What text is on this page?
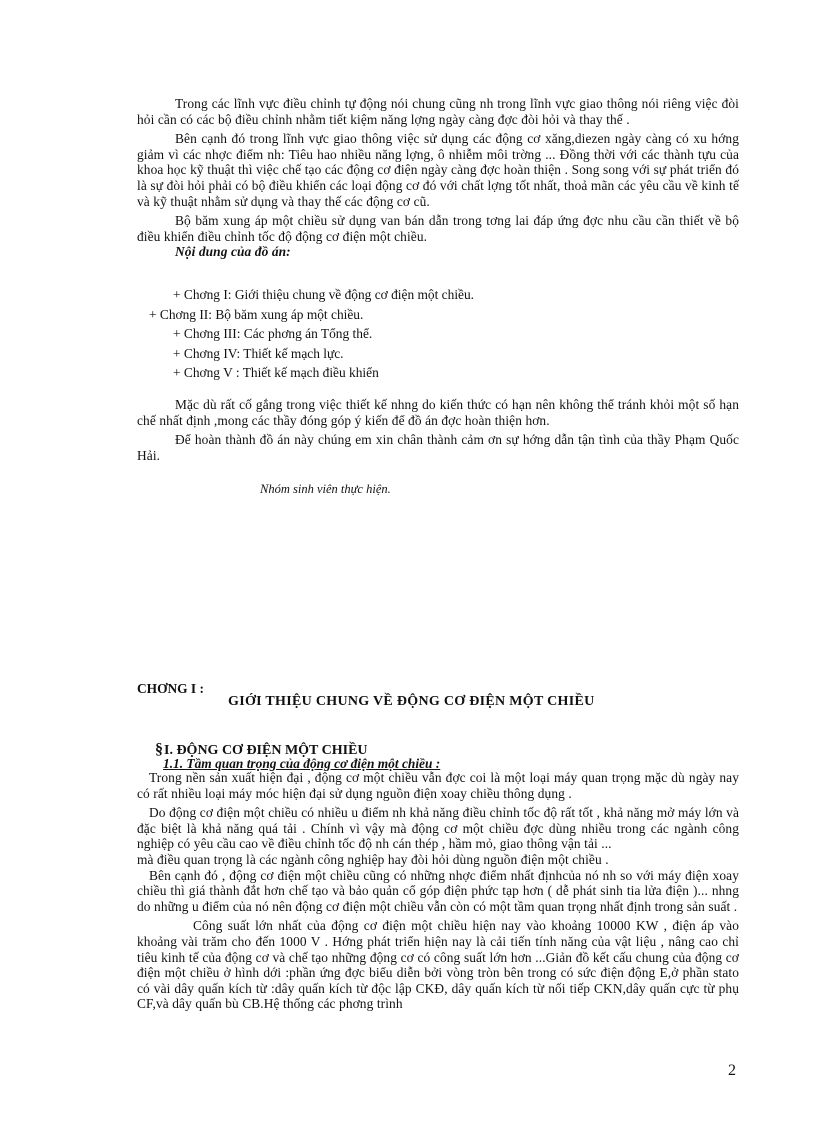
Trong các lĩnh vực điều chỉnh tự động nói chung cũng nh trong lĩnh vực giao thông nói riêng việc đòi hỏi cần có các bộ điều chỉnh nhằm tiết kiệm năng lợng ngày càng đợc đòi hỏi và thay thế .

Bên cạnh đó trong lĩnh vực giao thông việc sử dụng các động cơ xăng,diezen ngày càng có xu hớng giảm vì các nhợc điểm nh: Tiêu hao nhiều năng lợng, ô nhiễm môi trờng ... Đồng thời với các thành tựu của khoa học kỹ thuật thì việc chế tạo các động cơ điện ngày càng đợc hoàn thiện . Song song với sự phát triển đó là sự đòi hỏi phải có bộ điều khiển các loại động cơ đó với chất lợng tốt nhất, thoả mãn các yêu cầu về kinh tế và kỹ thuật nhằm sử dụng và thay thế các động cơ cũ.

Bộ băm xung áp một chiều sử dụng van bán dẫn trong tơng lai đáp ứng đợc nhu cầu cần thiết về bộ điều khiển điều chỉnh tốc độ động cơ điện một chiều.

Nội dung của đồ án:

+ Chơng I: Giới thiệu chung về động cơ điện một chiều.
+ Chơng II: Bộ băm xung áp một chiều.
+ Chơng III: Các phơng án Tổng thể.
+ Chơng IV: Thiết kế mạch lực.
+ Chơng V : Thiết kế mạch điều khiển

Mặc dù rất cố gắng trong việc thiết kế nhng do kiến thức có hạn nên không thể tránh khỏi một số hạn chế nhất định ,mong các thầy đóng góp ý kiến để đồ án đợc hoàn thiện hơn.

Để hoàn thành đồ án này chúng em xin chân thành cảm ơn sự hớng dẫn tận tình của thầy Phạm Quốc Hải.

Nhóm sinh viên thực hiện.
CHƠNG I :
GIỚI THIỆU CHUNG VỀ ĐỘNG CƠ ĐIỆN MỘT CHIỀU
§I. ĐỘNG CƠ ĐIỆN MỘT CHIỀU
1.1. Tầm quan trọng của động cơ điện một chiều :

Trong nền sản xuất hiện đại , động cơ một chiều vẫn đợc coi là một loại máy quan trọng mặc dù ngày nay có rất nhiều loại máy móc hiện đại sử dụng nguồn điện xoay chiều thông dụng .

Do động cơ điện một chiều có nhiều u điểm nh khả năng điều chỉnh tốc độ rất tốt , khả năng mở máy lớn và đặc biệt là khả năng quá tải . Chính vì vậy mà động cơ một chiều đợc dùng nhiều trong các ngành công nghiệp có yêu cầu cao về điều chỉnh tốc độ nh cán thép , hầm mỏ, giao thông vận tải ...

mà điều quan trọng là các ngành công nghiệp hay đòi hỏi dùng nguồn điện một chiều .

Bên cạnh đó , động cơ điện một chiều cũng có những nhợc điểm nhất địnhcủa nó nh so với máy điện xoay chiều thì giá thành đắt hơn chế tạo và bảo quản cổ góp điện phức tạp hơn ( dễ phát sinh tia lửa điện )... nhng do những u điểm của nó nên động cơ điện một chiều vẫn còn có một tầm quan trọng nhất định trong sản suất .

Công suất lớn nhất của động cơ điện một chiều hiện nay vào khoảng 10000 KW , điện áp vào khoảng vài trăm cho đến 1000 V . Hớng phát triển hiện nay là cải tiến tính năng của vật liệu , nâng cao chỉ tiêu kinh tế của động cơ và chế tạo những động cơ có công suất lớn hơn ...Giản đồ kết cấu chung của động cơ điện một chiều ở hình dới :phần ứng đợc biểu diễn bởi vòng tròn bên trong có sức điện động E,ở phần stato có vài dây quấn kích từ :dây quấn kích từ độc lập CKĐ, dây quấn kích từ nối tiếp CKN,dây quấn cực từ phụ CF,và dây quấn bù CB.Hệ thống các phơng trình

2
